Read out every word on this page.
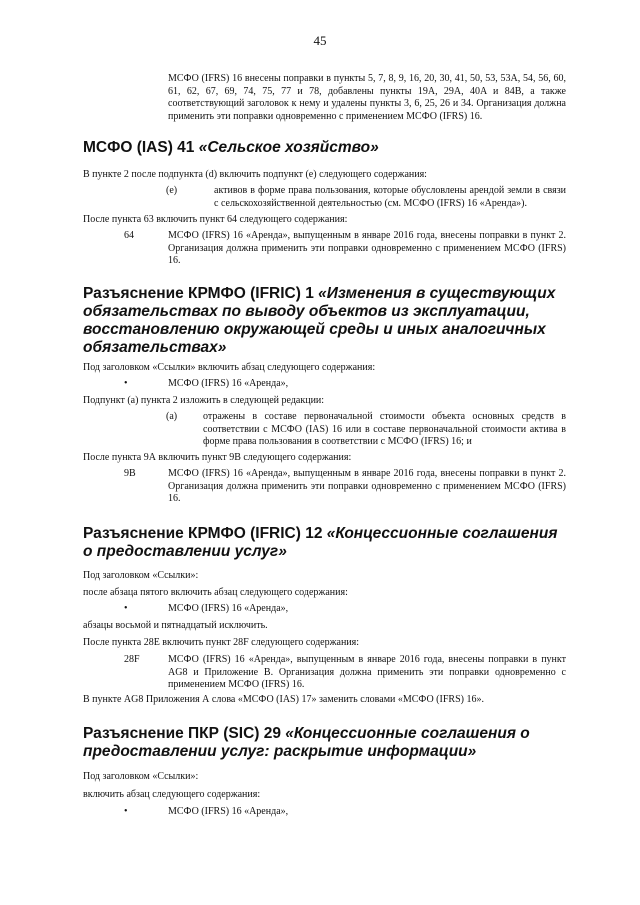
45
МСФО (IFRS) 16 внесены поправки в пункты 5, 7, 8, 9, 16, 20, 30, 41, 50, 53, 53A, 54, 56, 60, 61, 62, 67, 69, 74, 75, 77 и 78, добавлены пункты 19A, 29A, 40A и 84B, а также соответствующий заголовок к нему и удалены пункты 3, 6, 25, 26 и 34. Организация должна применить эти поправки одновременно с применением МСФО (IFRS) 16.
МСФО (IAS) 41 «Сельское хозяйство»
В пункте 2 после подпункта (d) включить подпункт (e) следующего содержания:
(e)	активов в форме права пользования, которые обусловлены арендой земли в связи с сельскохозяйственной деятельностью (см. МСФО (IFRS) 16 «Аренда»).
После пункта 63 включить пункт 64 следующего содержания:
64	МСФО (IFRS) 16 «Аренда», выпущенным в январе 2016 года, внесены поправки в пункт 2. Организация должна применить эти поправки одновременно с применением МСФО (IFRS) 16.
Разъяснение КРМФО (IFRIC) 1 «Изменения в существующих обязательствах по выводу объектов из эксплуатации, восстановлению окружающей среды и иных аналогичных обязательствах»
Под заголовком «Ссылки» включить абзац следующего содержания:
•	МСФО (IFRS) 16 «Аренда»,
Подпункт (a) пункта 2 изложить в следующей редакции:
(a)	отражены в составе первоначальной стоимости объекта основных средств в соответствии с МСФО (IAS) 16 или в составе первоначальной стоимости актива в форме права пользования в соответствии с МСФО (IFRS) 16; и
После пункта 9А включить пункт 9В следующего содержания:
9B	МСФО (IFRS) 16 «Аренда», выпущенным в январе 2016 года, внесены поправки в пункт 2. Организация должна применить эти поправки одновременно с применением МСФО (IFRS) 16.
Разъяснение КРМФО (IFRIC) 12 «Концессионные соглашения о предоставлении услуг»
Под заголовком «Ссылки»:
после абзаца пятого включить абзац следующего содержания:
•	МСФО (IFRS) 16 «Аренда»,
абзацы восьмой и пятнадцатый исключить.
После пункта 28E включить пункт 28F следующего содержания:
28F	МСФО (IFRS) 16 «Аренда», выпущенным в январе 2016 года, внесены поправки в пункт AG8 и Приложение В. Организация должна применить эти поправки одновременно с применением МСФО (IFRS) 16.
В пункте AG8 Приложения А слова «МСФО (IAS) 17» заменить словами «МСФО (IFRS) 16».
Разъяснение ПКР (SIC) 29 «Концессионные соглашения о предоставлении услуг: раскрытие информации»
Под заголовком «Ссылки»:
включить абзац следующего содержания:
•	МСФО (IFRS) 16 «Аренда»,
